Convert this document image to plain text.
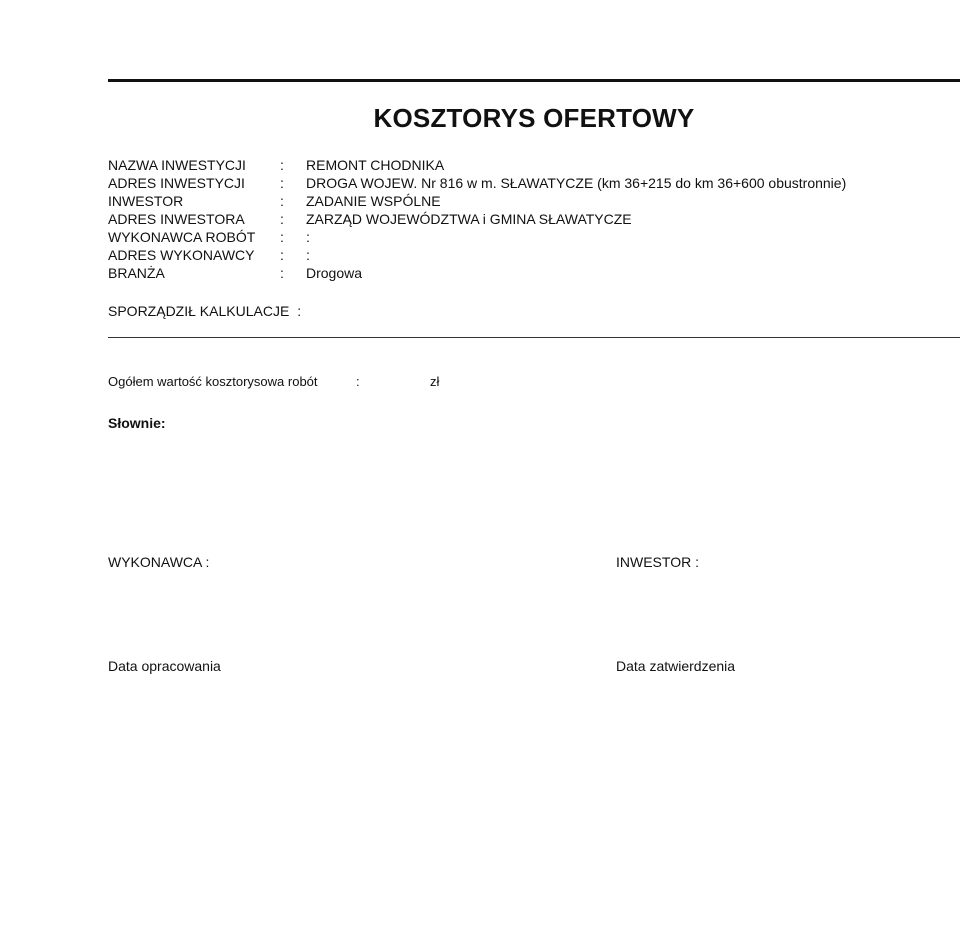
KOSZTORYS OFERTOWY
NAZWA INWESTYCJI : REMONT CHODNIKA
ADRES INWESTYCJI	: DROGA WOJEW. Nr 816 w m. SŁAWATYCZE (km 36+215 do km 36+600 obustronnie)
INWESTOR	: ZADANIE WSPÓLNE
ADRES INWESTORA	: ZARZĄD WOJEWÓDZTWA i GMINA SŁAWATYCZE
WYKONAWCA ROBÓT : :
ADRES WYKONAWCY : :
BRANŻA	: Drogowa
SPORZĄDZIŁ KALKULACJE :
Ogółem wartość kosztorysowa robót	:	zł
Słownie:
WYKONAWCA :	INWESTOR :
Data opracowania	Data zatwierdzenia
